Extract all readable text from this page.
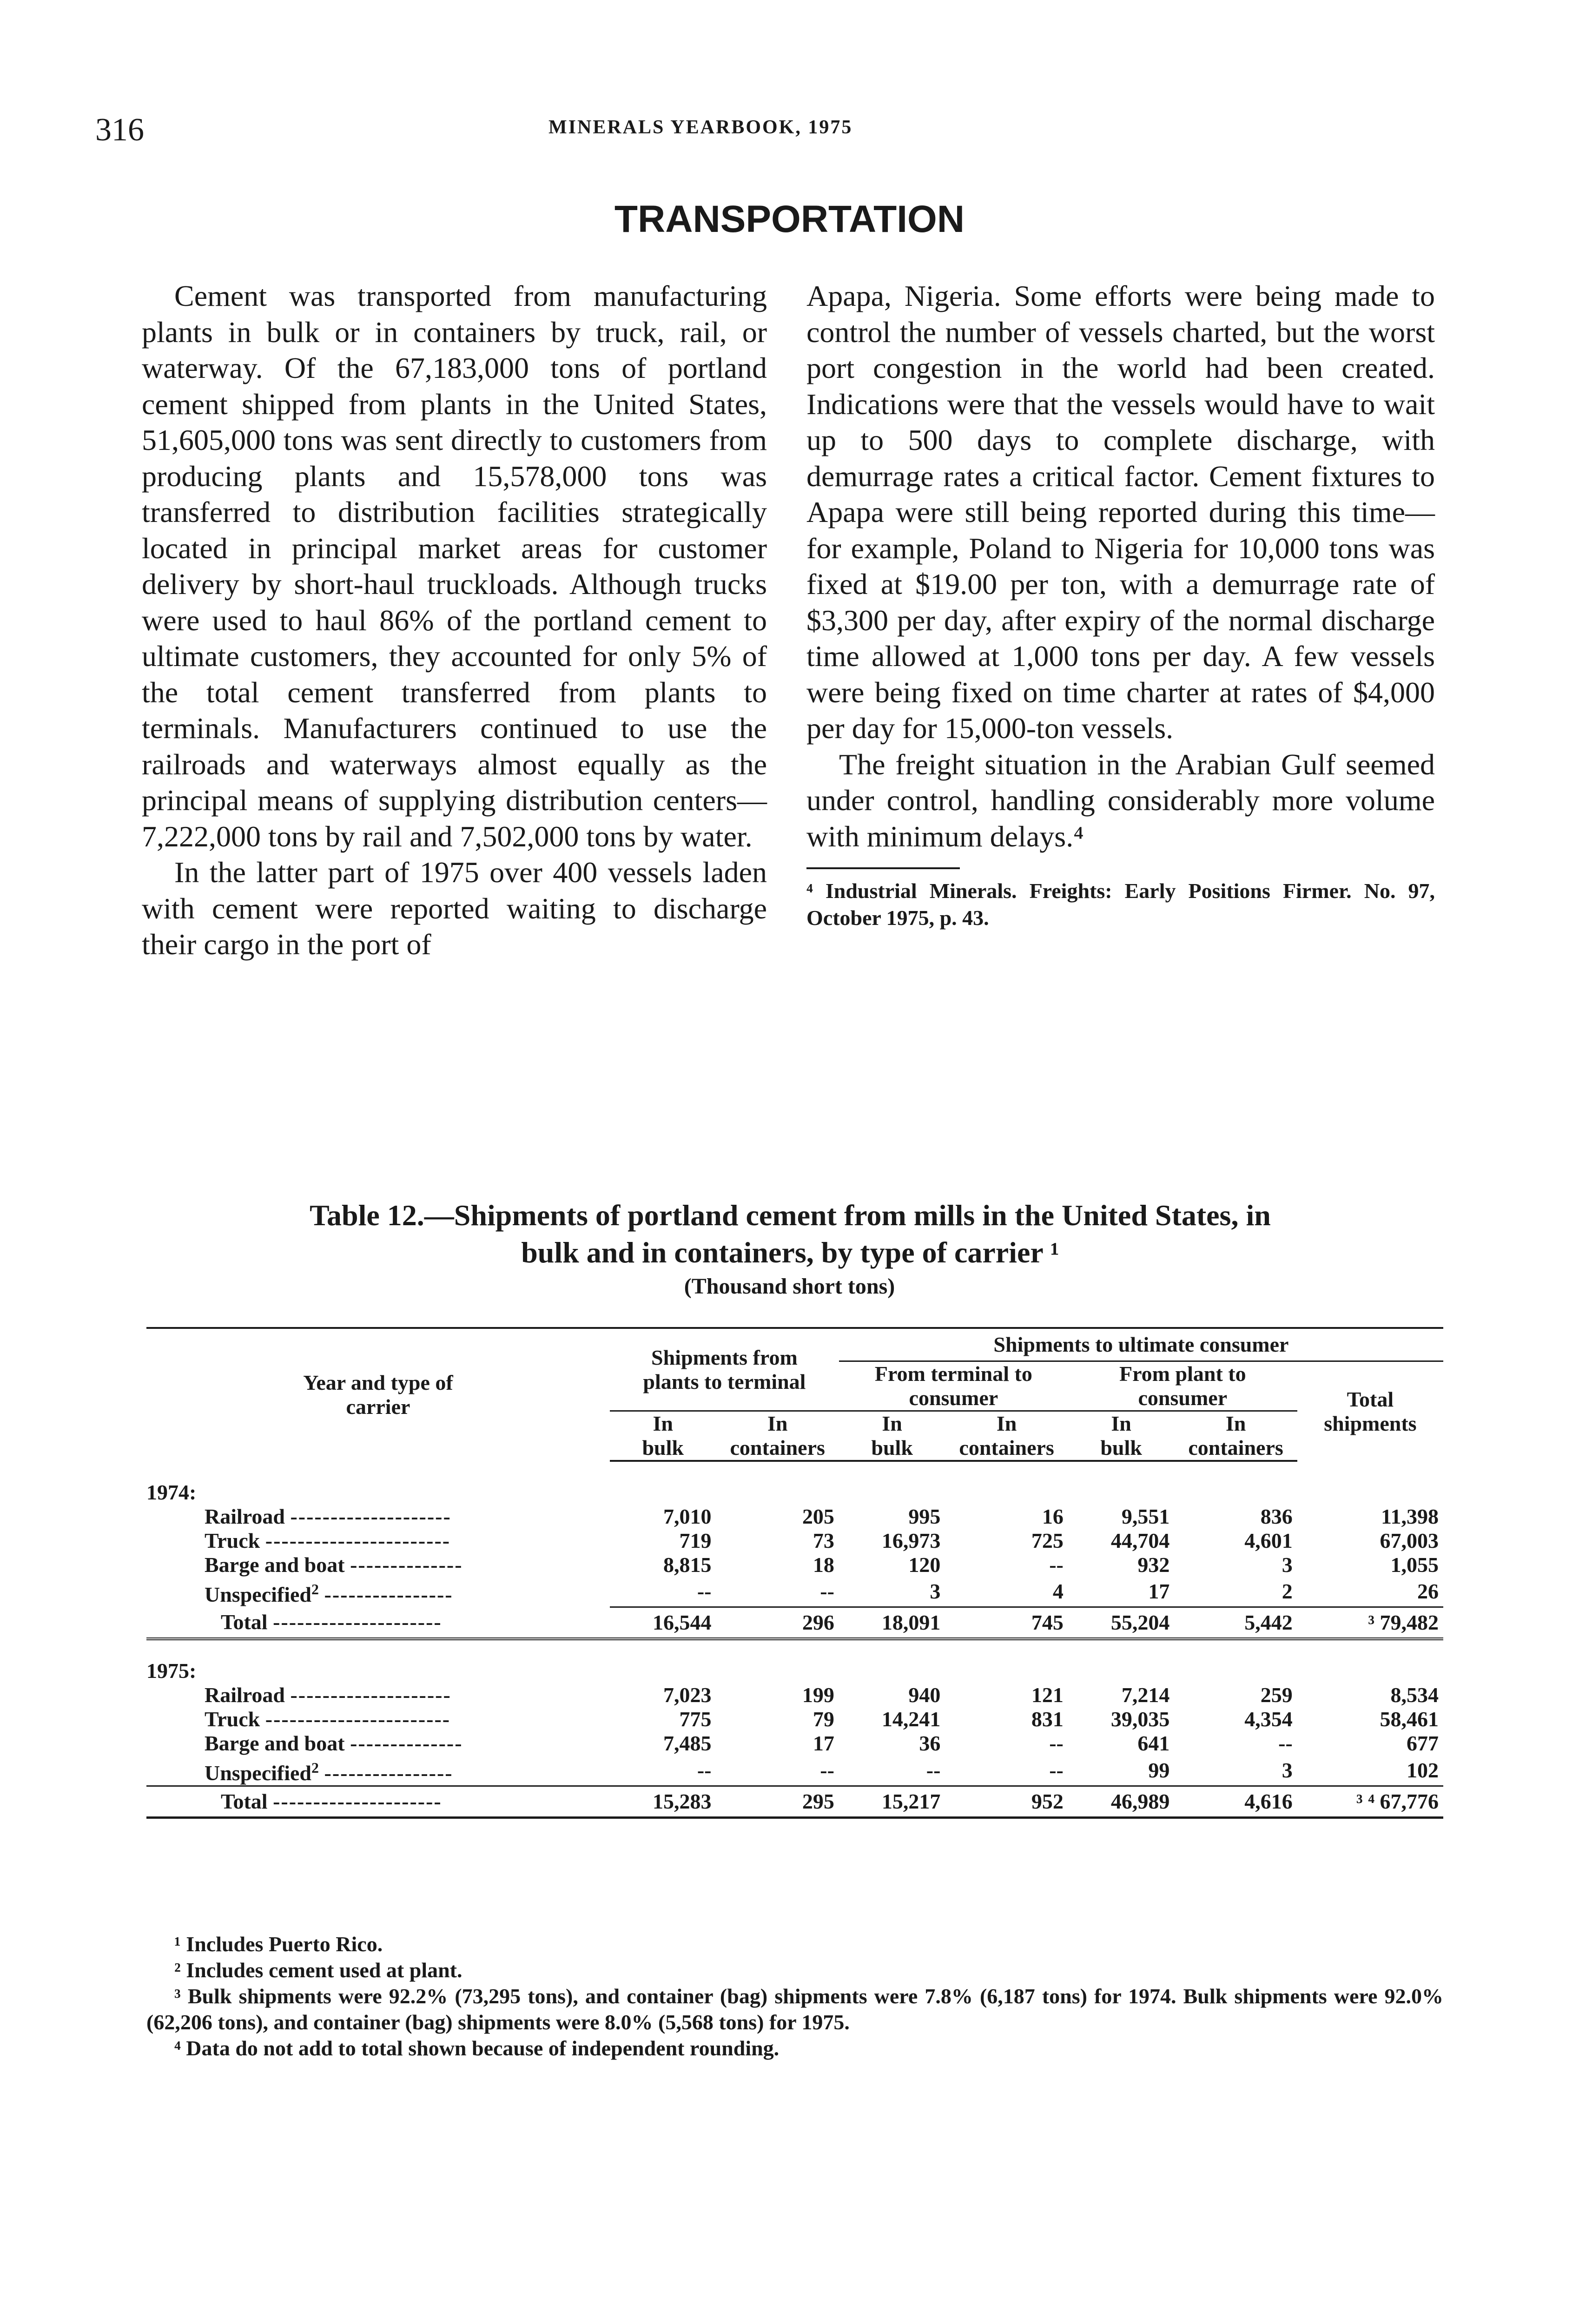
316	MINERALS YEARBOOK, 1975
TRANSPORTATION

Cement was transported from manufacturing plants in bulk or in containers by truck, rail, or waterway. Of the 67,183,000 tons of portland cement shipped from plants in the United States, 51,605,000 tons was sent directly to customers from producing plants and 15,578,000 tons was transferred to distribution facilities strategically located in principal market areas for customer delivery by short-haul truckloads. Although trucks were used to haul 86% of the portland cement to ultimate customers, they accounted for only 5% of the total cement transferred from plants to terminals. Manufacturers continued to use the railroads and waterways almost equally as the principal means of supplying distribution centers—7,222,000 tons by rail and 7,502,000 tons by water.

In the latter part of 1975 over 400 vessels laden with cement were reported waiting to discharge their cargo in the port of

Apapa, Nigeria. Some efforts were being made to control the number of vessels charted, but the worst port congestion in the world had been created. Indications were that the vessels would have to wait up to 500 days to complete discharge, with demurrage rates a critical factor. Cement fixtures to Apapa were still being reported during this time—for example, Poland to Nigeria for 10,000 tons was fixed at $19.00 per ton, with a demurrage rate of $3,300 per day, after expiry of the normal discharge time allowed at 1,000 tons per day. A few vessels were being fixed on time charter at rates of $4,000 per day for 15,000-ton vessels.

The freight situation in the Arabian Gulf seemed under control, handling considerably more volume with minimum delays.⁴

⁴ Industrial Minerals. Freights: Early Positions Firmer. No. 97, October 1975, p. 43.
Table 12.—Shipments of portland cement from mills in the United States, in
bulk and in containers, by type of carrier ¹
(Thousand short tons)
Year and type of carrier	Shipments from plants to terminal		Shipments to ultimate consumer				
			From terminal to consumer		From plant to consumer		Total shipments
	In bulk	In containers	In bulk	In containers	In bulk	In containers	
1974:							
Railroad --------------------	7,010	205	995	16	9,551	836	11,398
Truck -----------------------	719	73	16,973	725	44,704	4,601	67,003
Barge and boat --------------	8,815	18	120	--	932	3	1,055
Unspecified$^2$ ----------------	--	--	3	4	17	2	26
Total ---------------------	16,544	296	18,091	745	55,204	5,442	³ 79,482
1975:							
Railroad --------------------	7,023	199	940	121	7,214	259	8,534
Truck -----------------------	775	79	14,241	831	39,035	4,354	58,461
Barge and boat --------------	7,485	17	36	--	641	--	677
Unspecified$^2$ ----------------	--	--	--	--	99	3	102
Total ---------------------	15,283	295	15,217	952	46,989	4,616	³ ⁴ 67,776

¹ Includes Puerto Rico.

² Includes cement used at plant.

³ Bulk shipments were 92.2% (73,295 tons), and container (bag) shipments were 7.8% (6,187 tons) for 1974. Bulk shipments were 92.0% (62,206 tons), and container (bag) shipments were 8.0% (5,568 tons) for 1975.

⁴ Data do not add to total shown because of independent rounding.
